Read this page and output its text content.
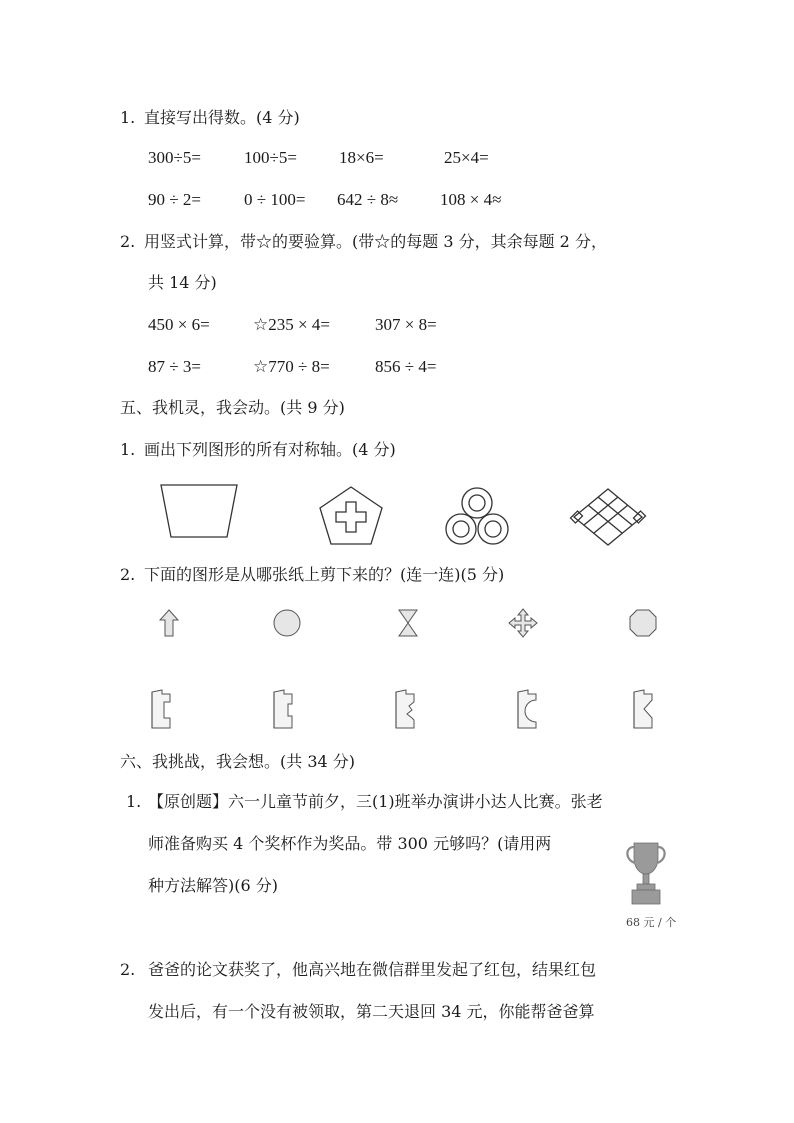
1. 直接写出得数。(4 分)
300÷5=	100÷5= 18×6=	25×4=
90 ÷ 2=	0 ÷ 100= 642 ÷ 8≈ 108 × 4≈
2. 用竖式计算，带☆的要验算。(带☆的每题 3 分，其余每题 2 分，
共 14 分)
450 × 6=	☆235 × 4=	307 × 8=
87 ÷ 3=	☆770 ÷ 8=	856 ÷ 4=
五、我机灵，我会动。(共 9 分)
1. 画出下列图形的所有对称轴。(4 分)
2. 下面的图形是从哪张纸上剪下来的？(连一连)(5 分)
六、我挑战，我会想。(共 34 分)
1. 【原创题】六一儿童节前夕，三(1)班举办演讲小达人比赛。张老
师准备购买 4 个奖杯作为奖品。带 300 元够吗？(请用两
种方法解答)(6 分)
68 元 / 个
2. 爸爸的论文获奖了，他高兴地在微信群里发起了红包，结果红包
发出后，有一个没有被领取，第二天退回 34 元，你能帮爸爸算
